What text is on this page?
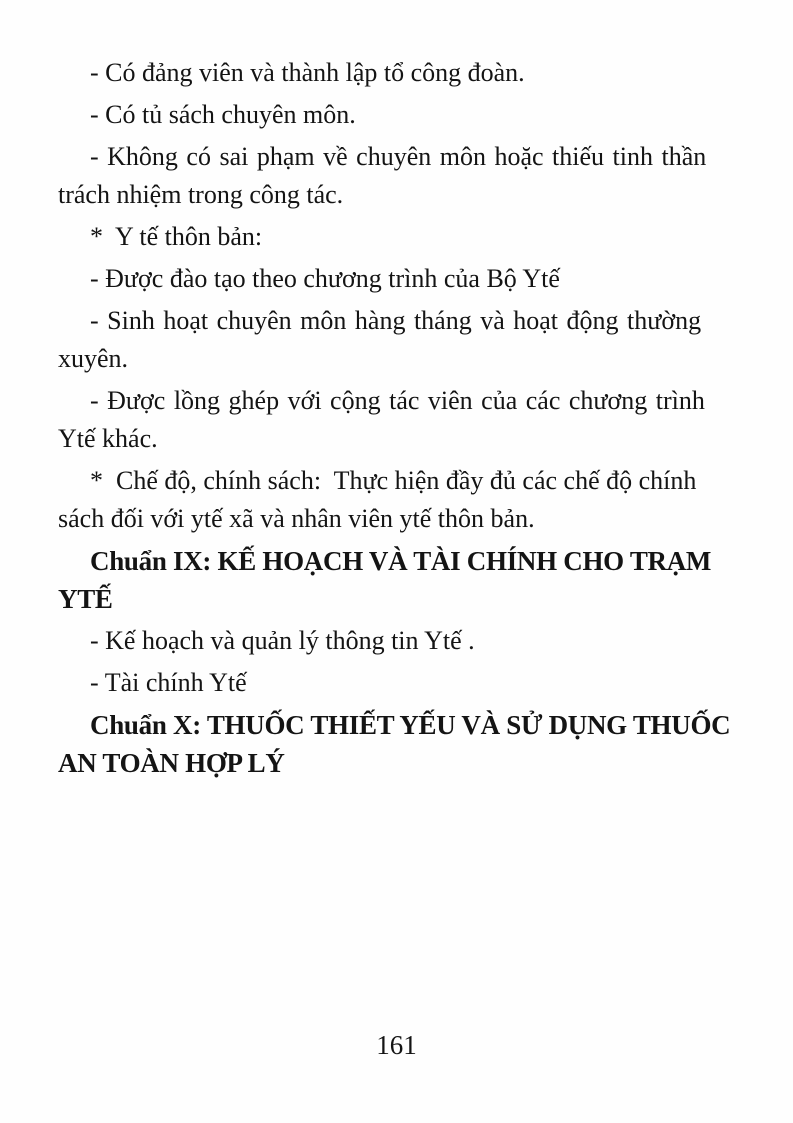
- Có đảng viên và thành lập tổ công đoàn.
- Có tủ sách chuyên môn.
- Không có sai phạm về chuyên môn hoặc thiếu tinh thần
trách nhiệm trong công tác.
*  Y tế thôn bản:
- Được đào tạo theo chương trình của Bộ Ytế
- Sinh hoạt chuyên môn hàng tháng và hoạt động thường
xuyên.
- Được lồng ghép với cộng tác viên của các chương trình
Ytế khác.
*  Chế độ, chính sách:  Thực hiện đầy đủ các chế độ chính
sách đối với ytế xã và nhân viên ytế thôn bản.
Chuẩn IX: KẾ HOẠCH VÀ TÀI CHÍNH CHO TRẠM
YTẾ
- Kế hoạch và quản lý thông tin Ytế .
- Tài chính Ytế
Chuẩn X: THUỐC THIẾT YẾU VÀ SỬ DỤNG THUỐC
AN TOÀN HỢP LÝ
161
